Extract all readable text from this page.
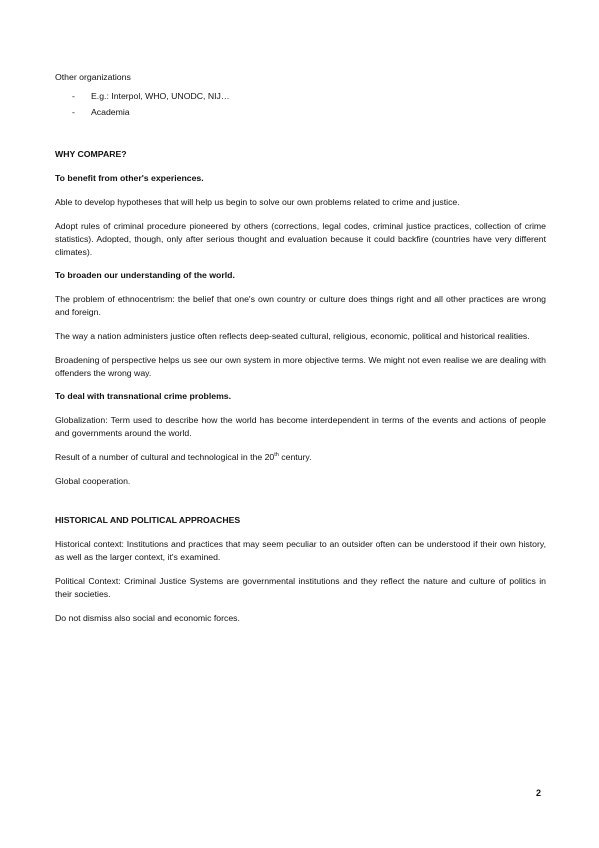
Other organizations

- E.g.: Interpol, WHO, UNODC, NIJ…
- Academia

WHY COMPARE?

To benefit from other's experiences.

Able to develop hypotheses that will help us begin to solve our own problems related to crime and justice.

Adopt rules of criminal procedure pioneered by others (corrections, legal codes, criminal justice practices, collection of crime statistics). Adopted, though, only after serious thought and evaluation because it could backfire (countries have very different climates).

To broaden our understanding of the world.

The problem of ethnocentrism: the belief that one's own country or culture does things right and all other practices are wrong and foreign.

The way a nation administers justice often reflects deep-seated cultural, religious, economic, political and historical realities.

Broadening of perspective helps us see our own system in more objective terms. We might not even realise we are dealing with offenders the wrong way.

To deal with transnational crime problems.

Globalization: Term used to describe how the world has become interdependent in terms of the events and actions of people and governments around the world.

Result of a number of cultural and technological in the 20th century.

Global cooperation.

HISTORICAL AND POLITICAL APPROACHES

Historical context: Institutions and practices that may seem peculiar to an outsider often can be understood if their own history, as well as the larger context, it's examined.

Political Context: Criminal Justice Systems are governmental institutions and they reflect the nature and culture of politics in their societies.

Do not dismiss also social and economic forces.

2
